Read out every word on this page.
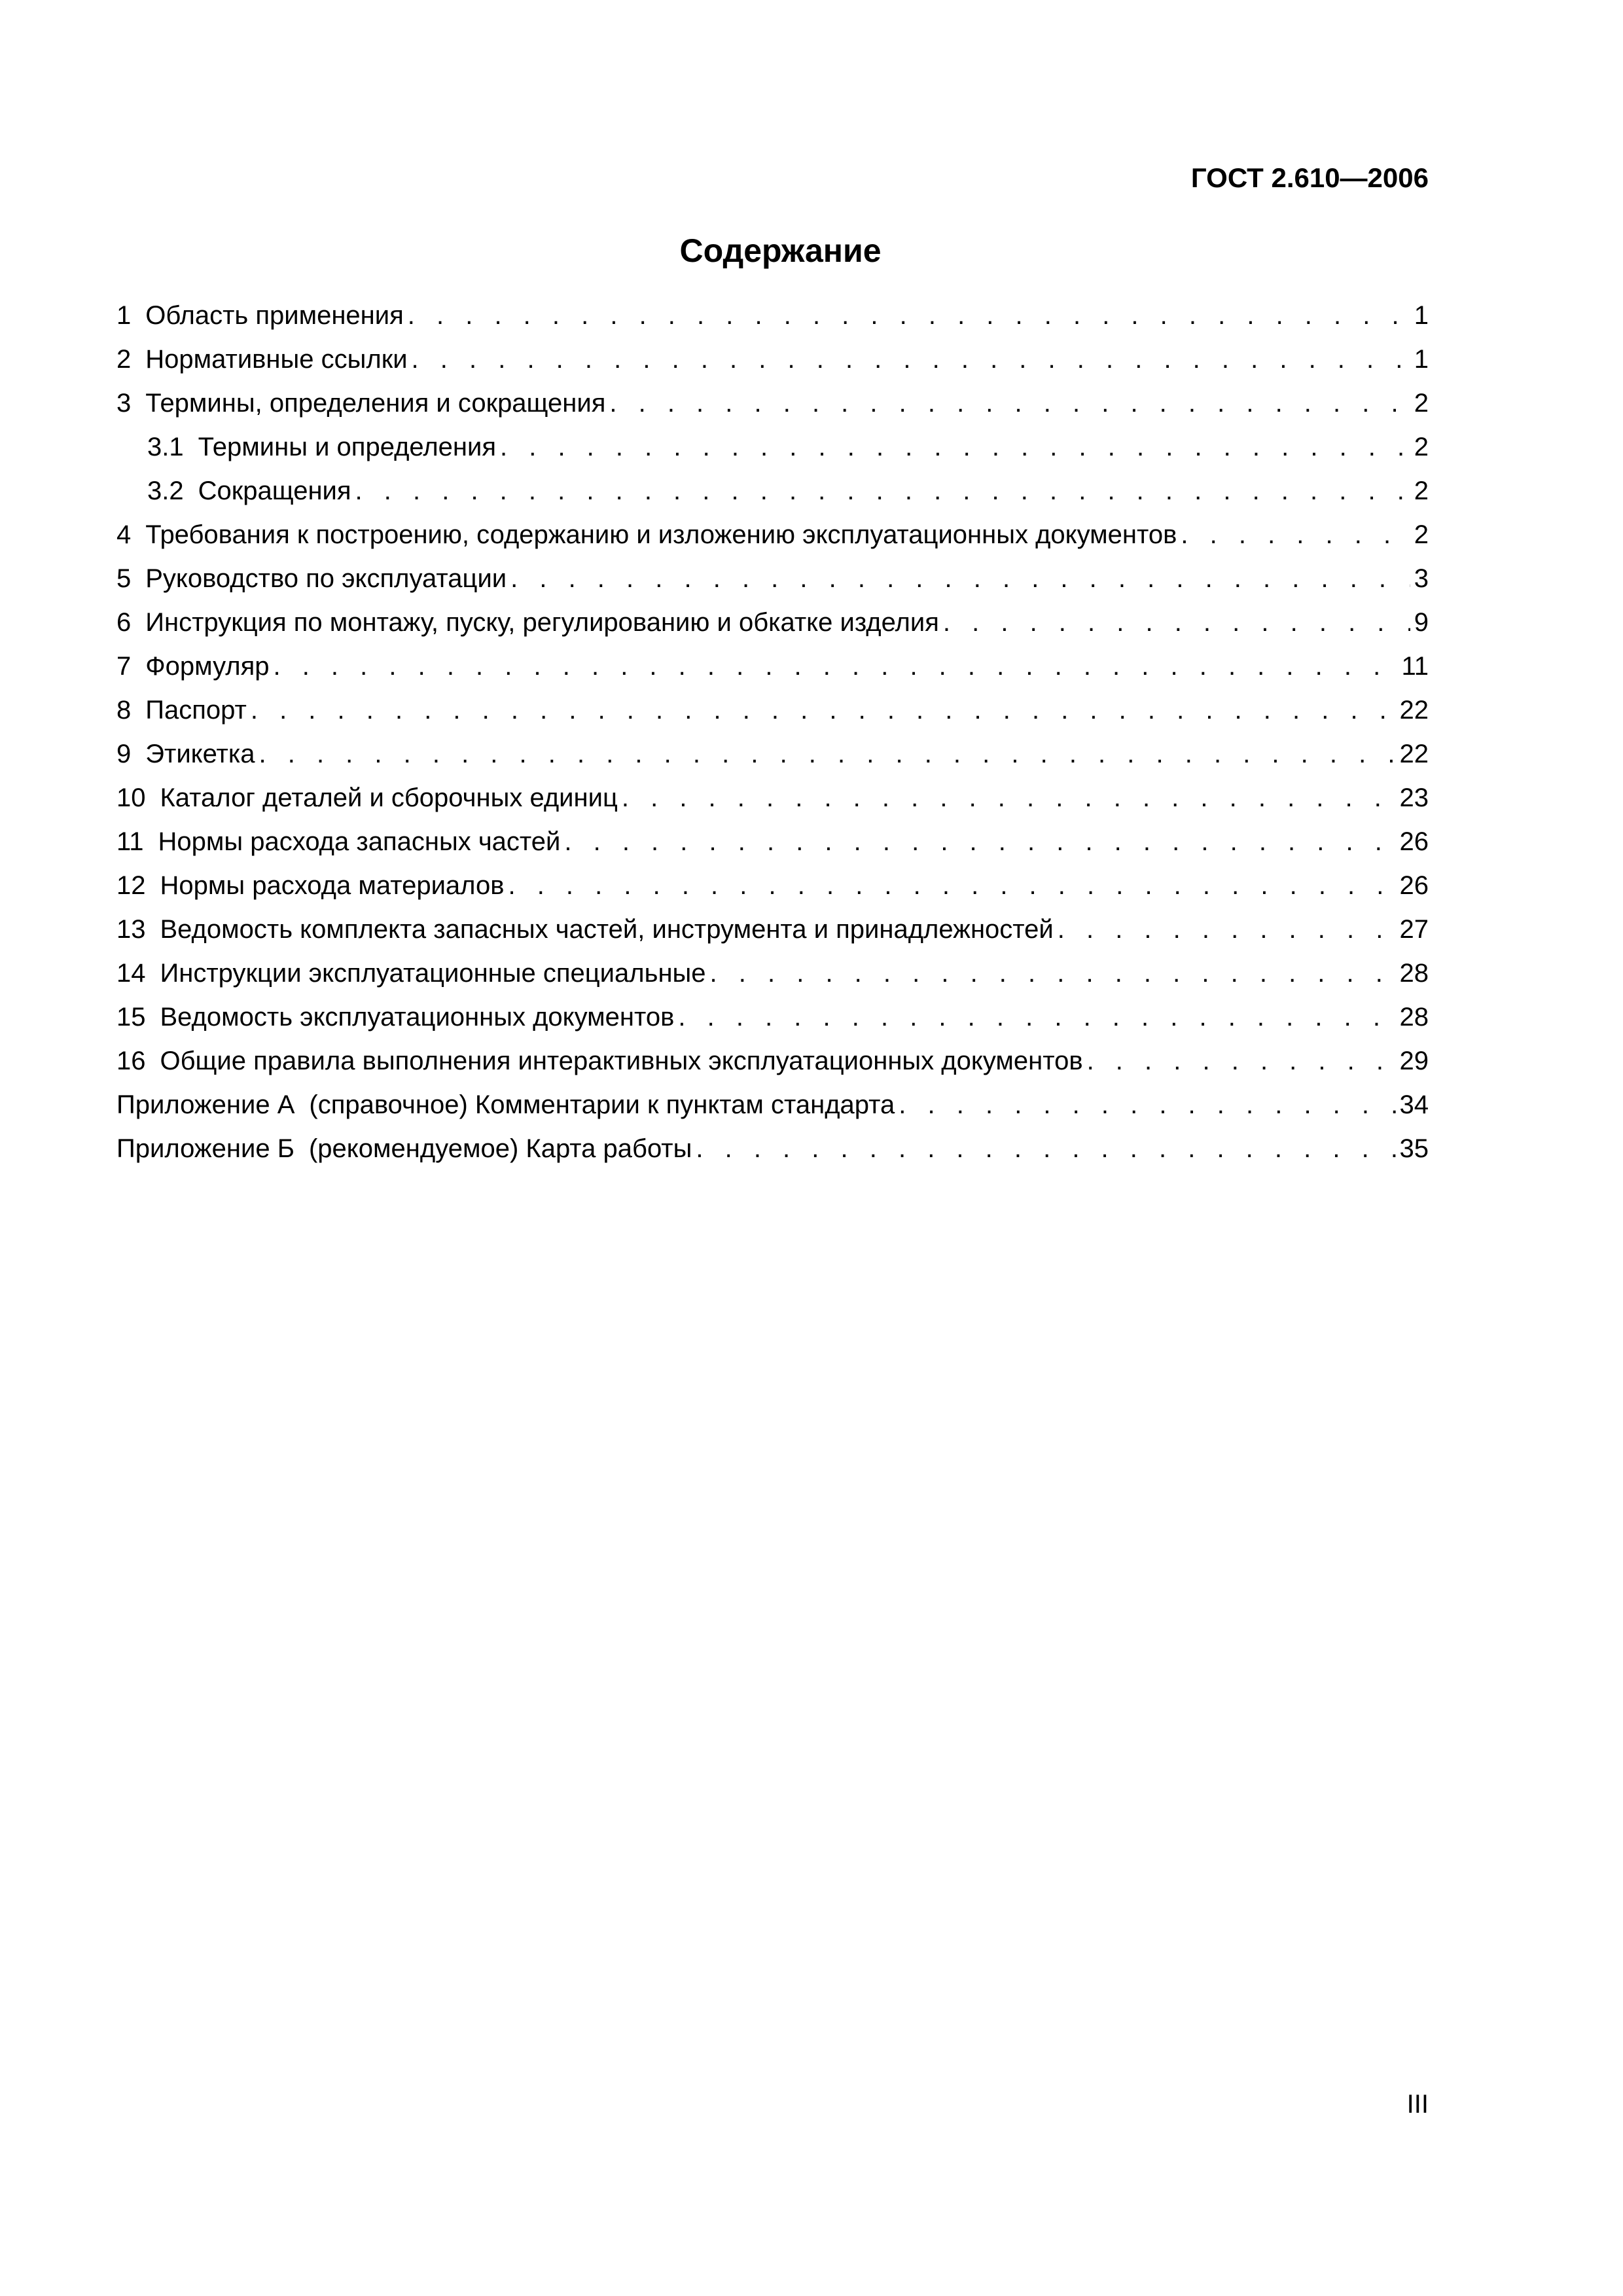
ГОСТ 2.610—2006
Содержание
1 Область применения . . .	1
2 Нормативные ссылки . . .	1
3 Термины, определения и сокращения . . .	2
3.1 Термины и определения . . .	2
3.2 Сокращения . . .	2
4 Требования к построению, содержанию и изложению эксплуатационных документов . . .	2
5 Руководство по эксплуатации . . .	3
6 Инструкция по монтажу, пуску, регулированию и обкатке изделия . . .	9
7 Формуляр . . .	11
8 Паспорт . . .	22
9 Этикетка . . .	22
10 Каталог деталей и сборочных единиц . . .	23
11 Нормы расхода запасных частей . . .	26
12 Нормы расхода материалов . . .	26
13 Ведомость комплекта запасных частей, инструмента и принадлежностей . . .	27
14 Инструкции эксплуатационные специальные . . .	28
15 Ведомость эксплуатационных документов . . .	28
16 Общие правила выполнения интерактивных эксплуатационных документов . . .	29
Приложение А (справочное) Комментарии к пунктам стандарта . . .	34
Приложение Б (рекомендуемое) Карта работы . . .	35
III
